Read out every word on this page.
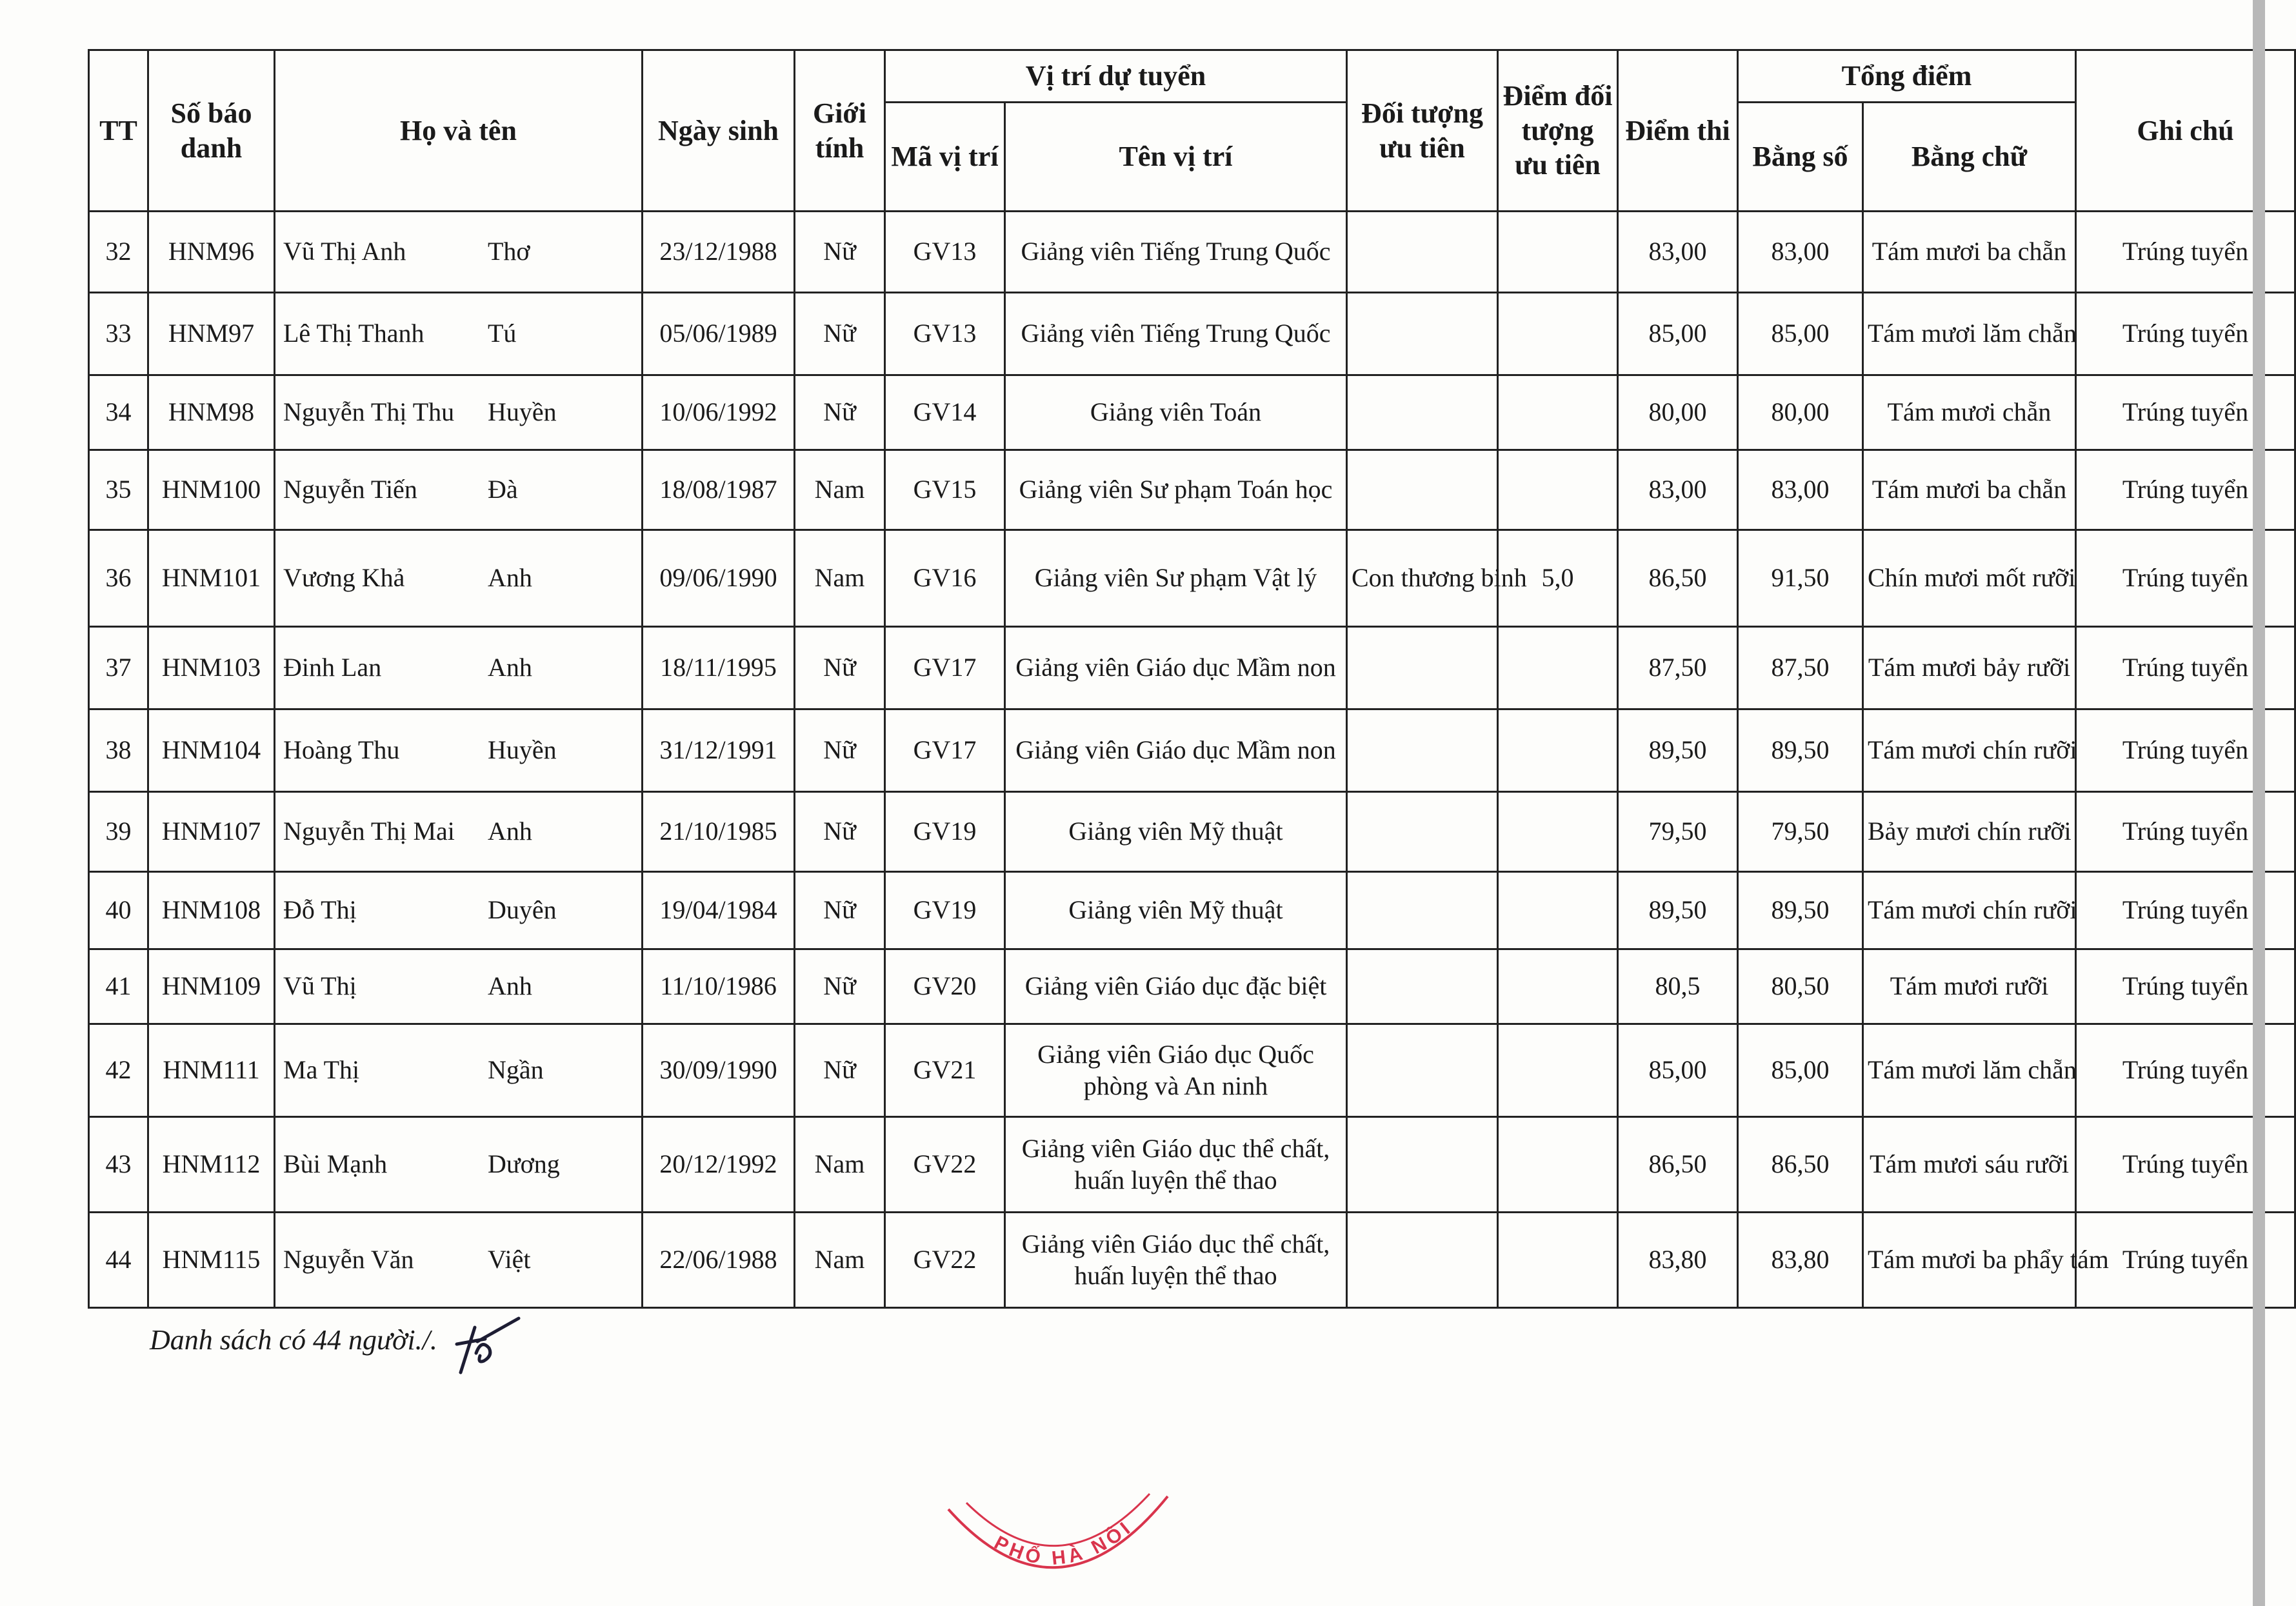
TT	Số báo danh	Họ và tên	Ngày sinh	Giới tính	Vị trí dự tuyển		Đối tượng ưu tiên	Điểm đối tượng ưu tiên	Điểm thi	Tổng điểm		Ghi chú
					Mã vị trí	Tên vị trí				Bằng số	Bằng chữ	
32	HNM96	Vũ Thị Anh Thơ	23/12/1988	Nữ	GV13	Giảng viên Tiếng Trung Quốc			83,00	83,00	Tám mươi ba chẵn	Trúng tuyển
33	HNM97	Lê Thị Thanh Tú	05/06/1989	Nữ	GV13	Giảng viên Tiếng Trung Quốc			85,00	85,00	Tám mươi lăm chẵn	Trúng tuyển
34	HNM98	Nguyễn Thị Thu Huyền	10/06/1992	Nữ	GV14	Giảng viên Toán			80,00	80,00	Tám mươi chẵn	Trúng tuyển
35	HNM100	Nguyễn Tiến Đà	18/08/1987	Nam	GV15	Giảng viên Sư phạm Toán học			83,00	83,00	Tám mươi ba chẵn	Trúng tuyển
36	HNM101	Vương Khả Anh	09/06/1990	Nam	GV16	Giảng viên Sư phạm Vật lý	Con thương binh	5,0	86,50	91,50	Chín mươi mốt rưỡi	Trúng tuyển
37	HNM103	Đinh Lan Anh	18/11/1995	Nữ	GV17	Giảng viên Giáo dục Mầm non			87,50	87,50	Tám mươi bảy rưỡi	Trúng tuyển
38	HNM104	Hoàng Thu Huyền	31/12/1991	Nữ	GV17	Giảng viên Giáo dục Mầm non			89,50	89,50	Tám mươi chín rưỡi	Trúng tuyển
39	HNM107	Nguyễn Thị Mai Anh	21/10/1985	Nữ	GV19	Giảng viên Mỹ thuật			79,50	79,50	Bảy mươi chín rưỡi	Trúng tuyển
40	HNM108	Đỗ Thị Duyên	19/04/1984	Nữ	GV19	Giảng viên Mỹ thuật			89,50	89,50	Tám mươi chín rưỡi	Trúng tuyển
41	HNM109	Vũ Thị Anh	11/10/1986	Nữ	GV20	Giảng viên Giáo dục đặc biệt			80,5	80,50	Tám mươi rưỡi	Trúng tuyển
42	HNM111	Ma Thị Ngần	30/09/1990	Nữ	GV21	Giảng viên Giáo dục Quốc phòng và An ninh			85,00	85,00	Tám mươi lăm chẵn	Trúng tuyển
43	HNM112	Bùi Mạnh Dương	20/12/1992	Nam	GV22	Giảng viên Giáo dục thể chất, huấn luyện thể thao			86,50	86,50	Tám mươi sáu rưỡi	Trúng tuyển
44	HNM115	Nguyễn Văn Việt	22/06/1988	Nam	GV22	Giảng viên Giáo dục thể chất, huấn luyện thể thao			83,80	83,80	Tám mươi ba phẩy tám	Trúng tuyển
Danh sách có 44 người./.
PHỐ HÀ NỘI
